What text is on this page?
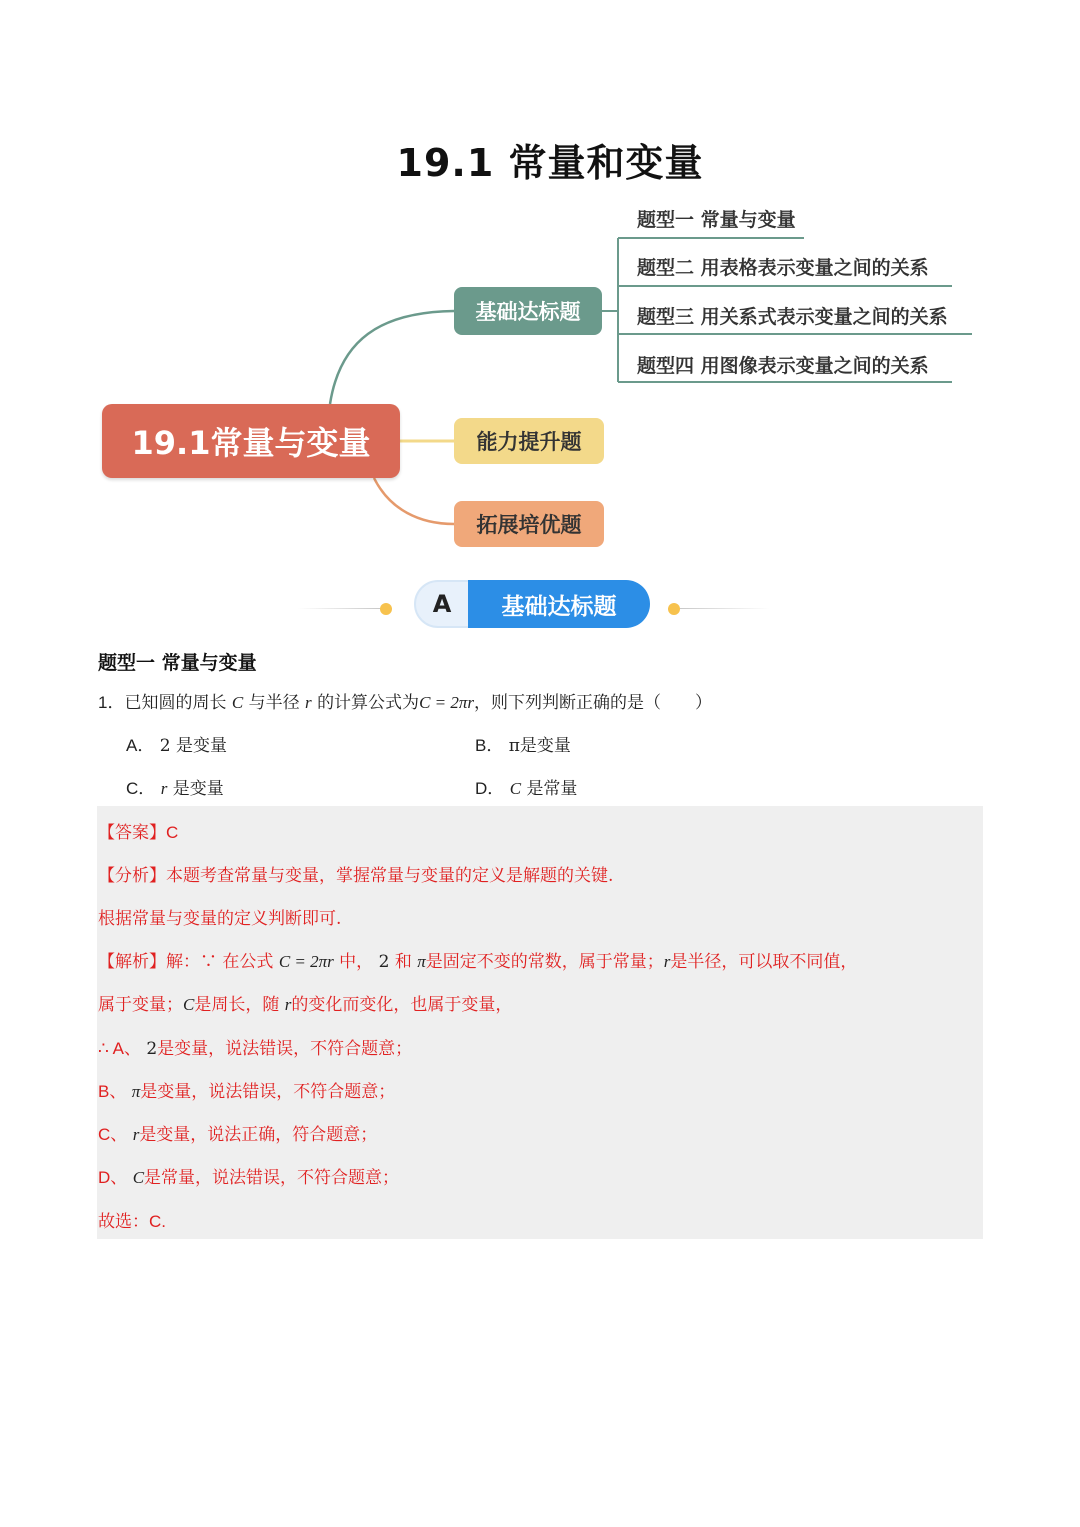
19.1 常量和变量
19.1常量与变量
基础达标题
能力提升题
拓展培优题
题型一 常量与变量
题型二 用表格表示变量之间的关系
题型三 用关系式表示变量之间的关系
题型四 用图像表示变量之间的关系
A	基础达标题
题型一 常量与变量
1．已知圆的周长 C 与半径 r 的计算公式为C = 2πr，则下列判断正确的是（　　）
A． 2 是变量	B． π是变量
C． r 是变量	D． C 是常量
【答案】C
【分析】本题考查常量与变量，掌握常量与变量的定义是解题的关键.
根据常量与变量的定义判断即可.
【解析】解：∵ 在公式 C = 2πr 中， 2 和 π是固定不变的常数，属于常量；r是半径，可以取不同值，
属于变量；C是周长，随 r的变化而变化，也属于变量，
∴ A、 2是变量，说法错误，不符合题意；
B、 π是变量，说法错误，不符合题意；
C、 r是变量，说法正确，符合题意；
D、 C是常量，说法错误，不符合题意；
故选：C.
